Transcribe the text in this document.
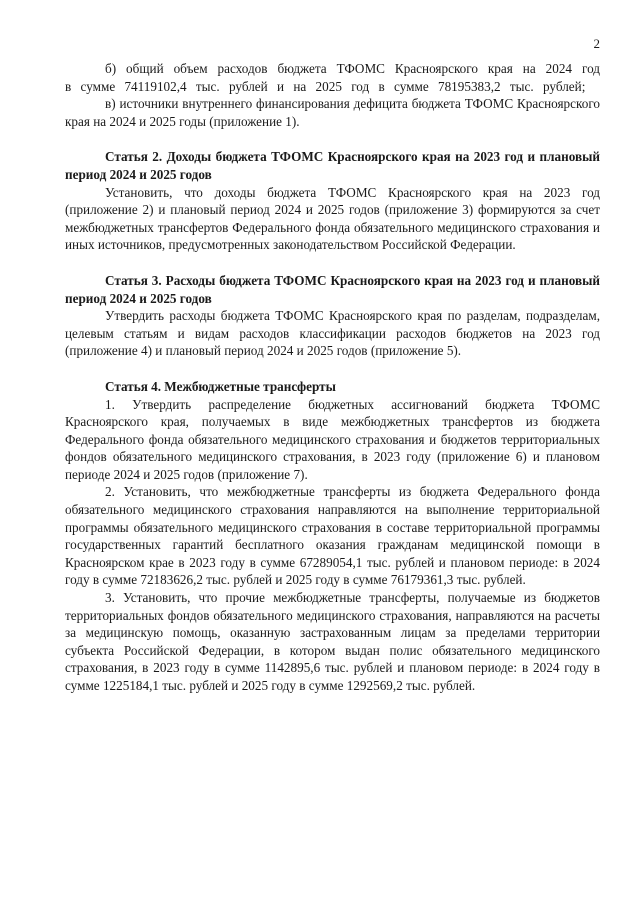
2

б) общий объем расходов бюджета ТФОМС Красноярского края на 2024 год в сумме 74119102,4 тыс. рублей и на 2025 год в сумме 78195383,2 тыс. рублей;

в) источники внутреннего финансирования дефицита бюджета ТФОМС Красноярского края на 2024 и 2025 годы (приложение 1).

Статья 2. Доходы бюджета ТФОМС Красноярского края на 2023 год и плановый период 2024 и 2025 годов

Установить, что доходы бюджета ТФОМС Красноярского края на 2023 год (приложение 2) и плановый период 2024 и 2025 годов (приложение 3) формируются за счет межбюджетных трансфертов Федерального фонда обязательного медицинского страхования и иных источников, предусмотренных законодательством Российской Федерации.

Статья 3. Расходы бюджета ТФОМС Красноярского края на 2023 год и плановый период 2024 и 2025 годов

Утвердить расходы бюджета ТФОМС Красноярского края по разделам, подразделам, целевым статьям и видам расходов классификации расходов бюджетов на 2023 год (приложение 4) и плановый период 2024 и 2025 годов (приложение 5).

Статья 4. Межбюджетные трансферты

1. Утвердить распределение бюджетных ассигнований бюджета ТФОМС Красноярского края, получаемых в виде межбюджетных трансфертов из бюджета Федерального фонда обязательного медицинского страхования и бюджетов территориальных фондов обязательного медицинского страхования, в 2023 году (приложение 6) и плановом периоде 2024 и 2025 годов (приложение 7).

2. Установить, что межбюджетные трансферты из бюджета Федерального фонда обязательного медицинского страхования направляются на выполнение территориальной программы обязательного медицинского страхования в составе территориальной программы государственных гарантий бесплатного оказания гражданам медицинской помощи в Красноярском крае в 2023 году в сумме 67289054,1 тыс. рублей и плановом периоде: в 2024 году в сумме 72183626,2 тыс. рублей и 2025 году в сумме 76179361,3 тыс. рублей.

3. Установить, что прочие межбюджетные трансферты, получаемые из бюджетов территориальных фондов обязательного медицинского страхования, направляются на расчеты за медицинскую помощь, оказанную застрахованным лицам за пределами территории субъекта Российской Федерации, в котором выдан полис обязательного медицинского страхования, в 2023 году в сумме 1142895,6 тыс. рублей и плановом периоде: в 2024 году в сумме 1225184,1 тыс. рублей и 2025 году в сумме 1292569,2 тыс. рублей.
